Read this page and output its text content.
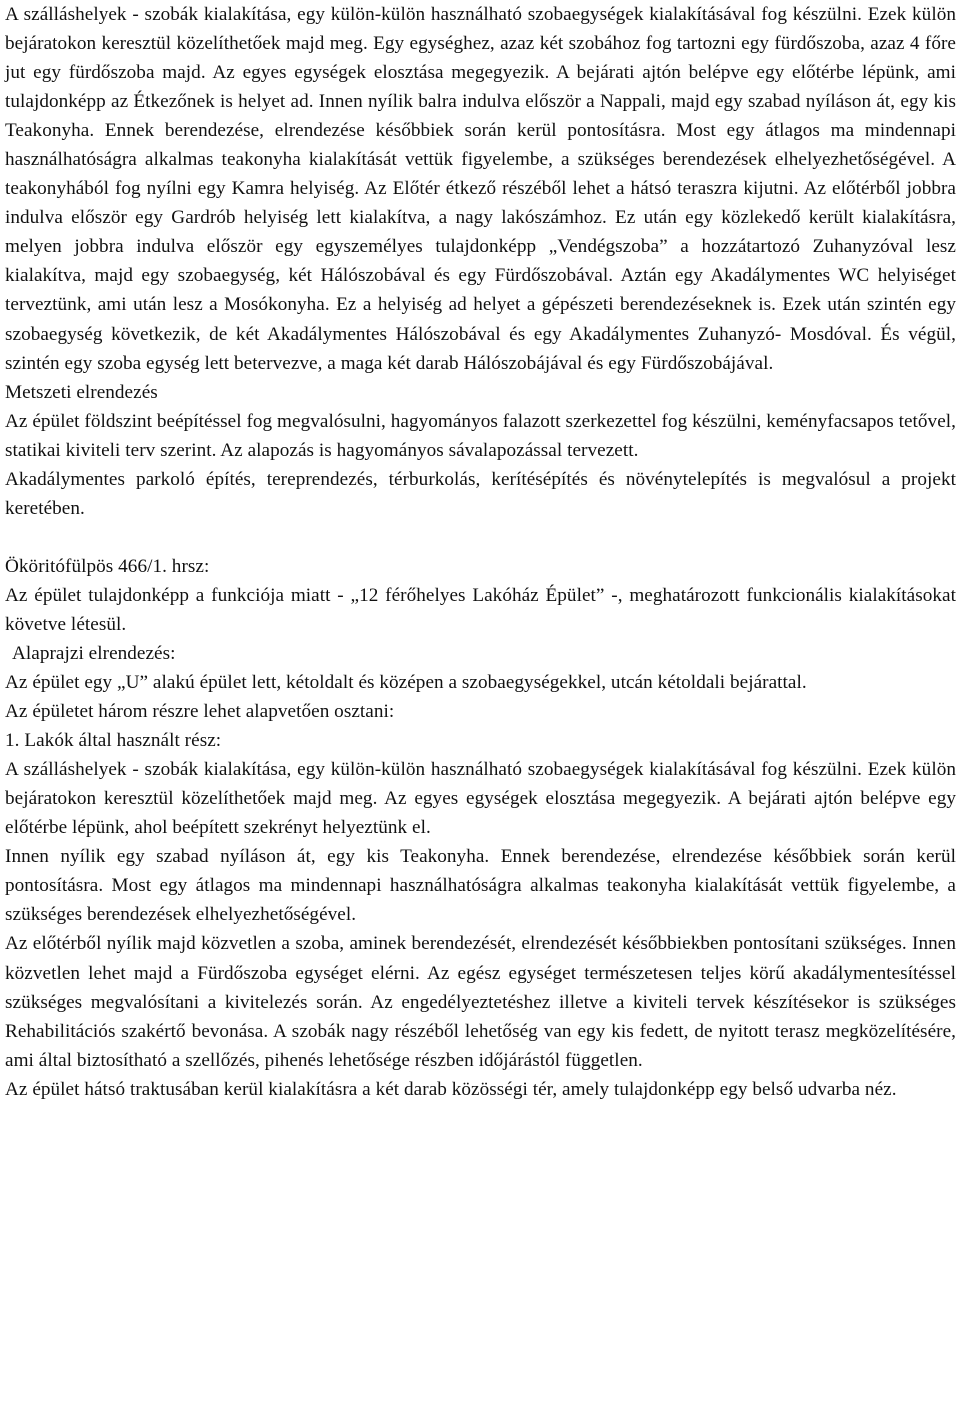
A szálláshelyek - szobák kialakítása, egy külön-külön használható szobaegységek kialakításával fog készülni. Ezek külön bejáratokon keresztül közelíthetőek majd meg. Egy egységhez, azaz két szobához fog tartozni egy fürdőszoba, azaz 4 főre jut egy fürdőszoba majd. Az egyes egységek elosztása megegyezik. A bejárati ajtón belépve egy előtérbe lépünk, ami tulajdonképp az Étkezőnek is helyet ad. Innen nyílik balra indulva először a Nappali, majd egy szabad nyíláson át, egy kis Teakonyha. Ennek berendezése, elrendezése későbbiek során kerül pontosításra. Most egy átlagos ma mindennapi használhatóságra alkalmas teakonyha kialakítását vettük figyelembe, a szükséges berendezések elhelyezhetőségével. A teakonyhából fog nyílni egy Kamra helyiség. Az Előtér étkező részéből lehet a hátsó teraszra kijutni. Az előtérből jobbra indulva először egy Gardrób helyiség lett kialakítva, a nagy lakószámhoz. Ez után egy közlekedő került kialakításra, melyen jobbra indulva először egy egyszemélyes tulajdonképp „Vendégszoba” a hozzátartozó Zuhanyzóval lesz kialakítva, majd egy szobaegység, két Hálószobával és egy Fürdőszobával. Aztán egy Akadálymentes WC helyiséget terveztünk, ami után lesz a Mosókonyha. Ez a helyiség ad helyet a gépészeti berendezéseknek is. Ezek után szintén egy szobaegység következik, de két Akadálymentes Hálószobával és egy Akadálymentes Zuhanyzó- Mosdóval. És végül, szintén egy szoba egység lett betervezve, a maga két darab Hálószobájával és egy Fürdőszobájával.

Metszeti elrendezés

Az épület földszint beépítéssel fog megvalósulni, hagyományos falazott szerkezettel fog készülni, keményfacsapos tetővel, statikai kiviteli terv szerint. Az alapozás is hagyományos sávalapozással tervezett.

Akadálymentes parkoló építés, tereprendezés, térburkolás, kerítésépítés és növénytelepítés is megvalósul a projekt keretében.

Ököritófülpös 466/1. hrsz:

Az épület tulajdonképp a funkciója miatt - „12 férőhelyes Lakóház Épület” -, meghatározott funkcionális kialakításokat követve létesül.

Alaprajzi elrendezés:

Az épület egy „U” alakú épület lett, kétoldalt és középen a szobaegységekkel, utcán kétoldali bejárattal.

Az épületet három részre lehet alapvetően osztani:

1. Lakók által használt rész:

A szálláshelyek - szobák kialakítása, egy külön-külön használható szobaegységek kialakításával fog készülni. Ezek külön bejáratokon keresztül közelíthetőek majd meg. Az egyes egységek elosztása megegyezik. A bejárati ajtón belépve egy előtérbe lépünk, ahol beépített szekrényt helyeztünk el.

Innen nyílik egy szabad nyíláson át, egy kis Teakonyha. Ennek berendezése, elrendezése későbbiek során kerül pontosításra. Most egy átlagos ma mindennapi használhatóságra alkalmas teakonyha kialakítását vettük figyelembe, a szükséges berendezések elhelyezhetőségével.

Az előtérből nyílik majd közvetlen a szoba, aminek berendezését, elrendezését későbbiekben pontosítani szükséges. Innen közvetlen lehet majd a Fürdőszoba egységet elérni. Az egész egységet természetesen teljes körű akadálymentesítéssel szükséges megvalósítani a kivitelezés során. Az engedélyeztetéshez illetve a kiviteli tervek készítésekor is szükséges Rehabilitációs szakértő bevonása. A szobák nagy részéből lehetőség van egy kis fedett, de nyitott terasz megközelítésére, ami által biztosítható a szellőzés, pihenés lehetősége részben időjárástól független.

Az épület hátsó traktusában kerül kialakításra a két darab közösségi tér, amely tulajdonképp egy belső udvarba néz.
